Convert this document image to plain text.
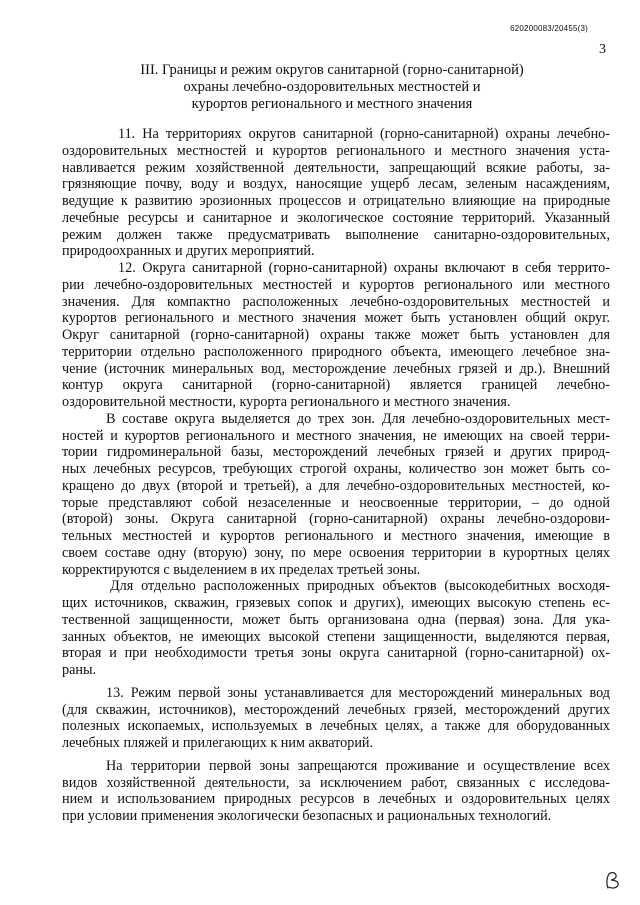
620200083/20455(3)
3
III. Границы и режим округов санитарной (горно-санитарной)
охраны лечебно-оздоровительных местностей и
курортов регионального и местного значения
11. На территориях округов санитарной (горно-санитарной) охраны лечебно-
оздоровительных местностей и курортов регионального и местного значения уста-
навливается режим хозяйственной деятельности, запрещающий всякие работы, за-
грязняющие почву, воду и воздух, наносящие ущерб лесам, зеленым насаждениям,
ведущие к развитию эрозионных процессов и отрицательно влияющие на природные
лечебные ресурсы и санитарное и экологическое состояние территорий. Указанный
режим должен также предусматривать выполнение санитарно-оздоровительных,
природоохранных и других мероприятий.
12. Округа санитарной (горно-санитарной) охраны включают в себя террито-
рии лечебно-оздоровительных местностей и курортов регионального или местного
значения. Для компактно расположенных лечебно-оздоровительных местностей и
курортов регионального и местного значения может быть установлен общий округ.
Округ санитарной (горно-санитарной) охраны также может быть установлен для
территории отдельно расположенного природного объекта, имеющего лечебное зна-
чение (источник минеральных вод, месторождение лечебных грязей и др.). Внешний
контур округа санитарной (горно-санитарной) является границей лечебно-
оздоровительной местности, курорта регионального и местного значения.
В составе округа выделяется до трех зон. Для лечебно-оздоровительных мест-
ностей и курортов регионального и местного значения, не имеющих на своей терри-
тории гидроминеральной базы, месторождений лечебных грязей и других природ-
ных лечебных ресурсов, требующих строгой охраны, количество зон может быть со-
кращено до двух (второй и третьей), а для лечебно-оздоровительных местностей, ко-
торые представляют собой незаселенные и неосвоенные территории, – до одной
(второй) зоны. Округа санитарной (горно-санитарной) охраны лечебно-оздорови-
тельных местностей и курортов регионального и местного значения, имеющие в
своем составе одну (вторую) зону, по мере освоения территории в курортных целях
корректируются с выделением в их пределах третьей зоны.
Для отдельно расположенных природных объектов (высокодебитных восходя-
щих источников, скважин, грязевых сопок и других), имеющих высокую степень ес-
тественной защищенности, может быть организована одна (первая) зона. Для ука-
занных объектов, не имеющих высокой степени защищенности, выделяются первая,
вторая и при необходимости третья зоны округа санитарной (горно-санитарной) ох-
раны.
13. Режим первой зоны устанавливается для месторождений минеральных вод
(для скважин, источников), месторождений лечебных грязей, месторождений других
полезных ископаемых, используемых в лечебных целях, а также для оборудованных
лечебных пляжей и прилегающих к ним акваторий.
На территории первой зоны запрещаются проживание и осуществление всех
видов хозяйственной деятельности, за исключением работ, связанных с исследова-
нием и использованием природных ресурсов в лечебных и оздоровительных целях
при условии применения экологически безопасных и рациональных технологий.
